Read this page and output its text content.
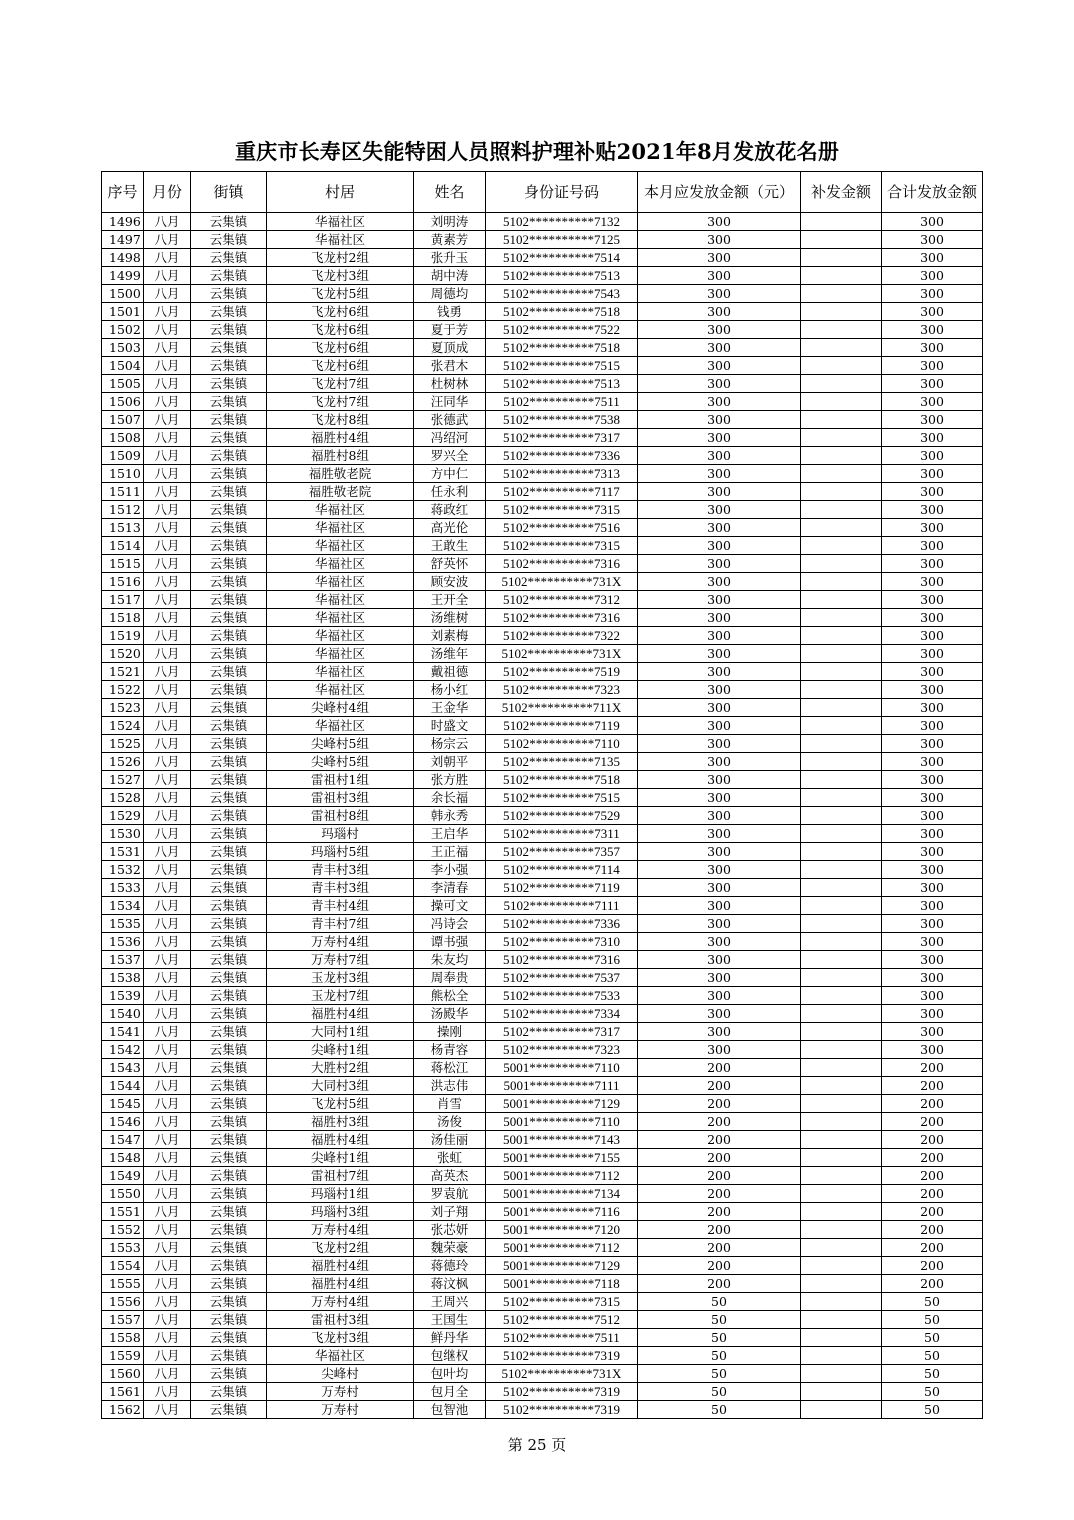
重庆市长寿区失能特困人员照料护理补贴2021年8月发放花名册
序号	月份	街镇	村居	姓名	身份证号码	本月应发放金额（元）	补发金额	合计发放金额
1496	八月	云集镇	华福社区	刘明涛	5102**********7132	300		300
1497	八月	云集镇	华福社区	黄素芳	5102**********7125	300		300
1498	八月	云集镇	飞龙村2组	张升玉	5102**********7514	300		300
1499	八月	云集镇	飞龙村3组	胡中涛	5102**********7513	300		300
1500	八月	云集镇	飞龙村5组	周德均	5102**********7543	300		300
1501	八月	云集镇	飞龙村6组	钱勇	5102**********7518	300		300
1502	八月	云集镇	飞龙村6组	夏于芳	5102**********7522	300		300
1503	八月	云集镇	飞龙村6组	夏顶成	5102**********7518	300		300
1504	八月	云集镇	飞龙村6组	张君木	5102**********7515	300		300
1505	八月	云集镇	飞龙村7组	杜树林	5102**********7513	300		300
1506	八月	云集镇	飞龙村7组	汪同华	5102**********7511	300		300
1507	八月	云集镇	飞龙村8组	张德武	5102**********7538	300		300
1508	八月	云集镇	福胜村4组	冯绍河	5102**********7317	300		300
1509	八月	云集镇	福胜村8组	罗兴全	5102**********7336	300		300
1510	八月	云集镇	福胜敬老院	方中仁	5102**********7313	300		300
1511	八月	云集镇	福胜敬老院	任永利	5102**********7117	300		300
1512	八月	云集镇	华福社区	蒋政红	5102**********7315	300		300
1513	八月	云集镇	华福社区	高光伦	5102**********7516	300		300
1514	八月	云集镇	华福社区	王敢生	5102**********7315	300		300
1515	八月	云集镇	华福社区	舒英怀	5102**********7316	300		300
1516	八月	云集镇	华福社区	顾安波	5102**********731X	300		300
1517	八月	云集镇	华福社区	王开全	5102**********7312	300		300
1518	八月	云集镇	华福社区	汤维树	5102**********7316	300		300
1519	八月	云集镇	华福社区	刘素梅	5102**********7322	300		300
1520	八月	云集镇	华福社区	汤维年	5102**********731X	300		300
1521	八月	云集镇	华福社区	戴祖德	5102**********7519	300		300
1522	八月	云集镇	华福社区	杨小红	5102**********7323	300		300
1523	八月	云集镇	尖峰村4组	王金华	5102**********711X	300		300
1524	八月	云集镇	华福社区	时盛文	5102**********7119	300		300
1525	八月	云集镇	尖峰村5组	杨宗云	5102**********7110	300		300
1526	八月	云集镇	尖峰村5组	刘朝平	5102**********7135	300		300
1527	八月	云集镇	雷祖村1组	张方胜	5102**********7518	300		300
1528	八月	云集镇	雷祖村3组	余长福	5102**********7515	300		300
1529	八月	云集镇	雷祖村8组	韩永秀	5102**********7529	300		300
1530	八月	云集镇	玛瑙村	王启华	5102**********7311	300		300
1531	八月	云集镇	玛瑙村5组	王正福	5102**********7357	300		300
1532	八月	云集镇	青丰村3组	李小强	5102**********7114	300		300
1533	八月	云集镇	青丰村3组	李清春	5102**********7119	300		300
1534	八月	云集镇	青丰村4组	操可文	5102**********7111	300		300
1535	八月	云集镇	青丰村7组	冯诗会	5102**********7336	300		300
1536	八月	云集镇	万寿村4组	谭书强	5102**********7310	300		300
1537	八月	云集镇	万寿村7组	朱友均	5102**********7316	300		300
1538	八月	云集镇	玉龙村3组	周奉贵	5102**********7537	300		300
1539	八月	云集镇	玉龙村7组	熊松全	5102**********7533	300		300
1540	八月	云集镇	福胜村4组	汤殿华	5102**********7334	300		300
1541	八月	云集镇	大同村1组	操刚	5102**********7317	300		300
1542	八月	云集镇	尖峰村1组	杨青容	5102**********7323	300		300
1543	八月	云集镇	大胜村2组	蒋松江	5001**********7110	200		200
1544	八月	云集镇	大同村3组	洪志伟	5001**********7111	200		200
1545	八月	云集镇	飞龙村5组	肖雪	5001**********7129	200		200
1546	八月	云集镇	福胜村3组	汤俊	5001**********7110	200		200
1547	八月	云集镇	福胜村4组	汤佳丽	5001**********7143	200		200
1548	八月	云集镇	尖峰村1组	张虹	5001**********7155	200		200
1549	八月	云集镇	雷祖村7组	高英杰	5001**********7112	200		200
1550	八月	云集镇	玛瑙村1组	罗袁航	5001**********7134	200		200
1551	八月	云集镇	玛瑙村3组	刘子翔	5001**********7116	200		200
1552	八月	云集镇	万寿村4组	张芯妍	5001**********7120	200		200
1553	八月	云集镇	飞龙村2组	魏荣豪	5001**********7112	200		200
1554	八月	云集镇	福胜村4组	蒋德玲	5001**********7129	200		200
1555	八月	云集镇	福胜村4组	蒋汶枫	5001**********7118	200		200
1556	八月	云集镇	万寿村4组	王周兴	5102**********7315	50		50
1557	八月	云集镇	雷祖村3组	王国生	5102**********7512	50		50
1558	八月	云集镇	飞龙村3组	鲜丹华	5102**********7511	50		50
1559	八月	云集镇	华福社区	包继权	5102**********7319	50		50
1560	八月	云集镇	尖峰村	包叶均	5102**********731X	50		50
1561	八月	云集镇	万寿村	包月全	5102**********7319	50		50
1562	八月	云集镇	万寿村	包智池	5102**********7319	50		50
第 25 页
